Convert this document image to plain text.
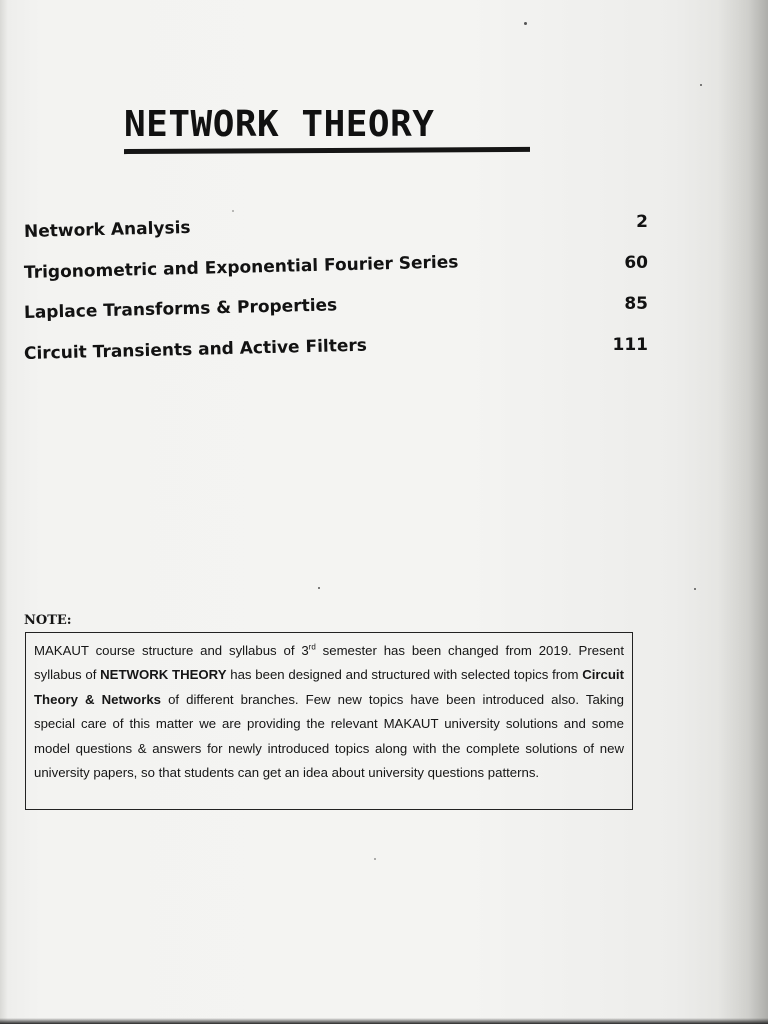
NETWORK THEORY
Network Analysis	2
Trigonometric and Exponential Fourier Series	60
Laplace Transforms & Properties	85
Circuit Transients and Active Filters	111
NOTE:
MAKAUT course structure and syllabus of 3rd semester has been changed from 2019. Present syllabus of NETWORK THEORY has been designed and structured with selected topics from Circuit Theory & Networks of different branches. Few new topics have been introduced also. Taking special care of this matter we are providing the relevant MAKAUT university solutions and some model questions & answers for newly introduced topics along with the complete solutions of new university papers, so that students can get an idea about university questions patterns.
